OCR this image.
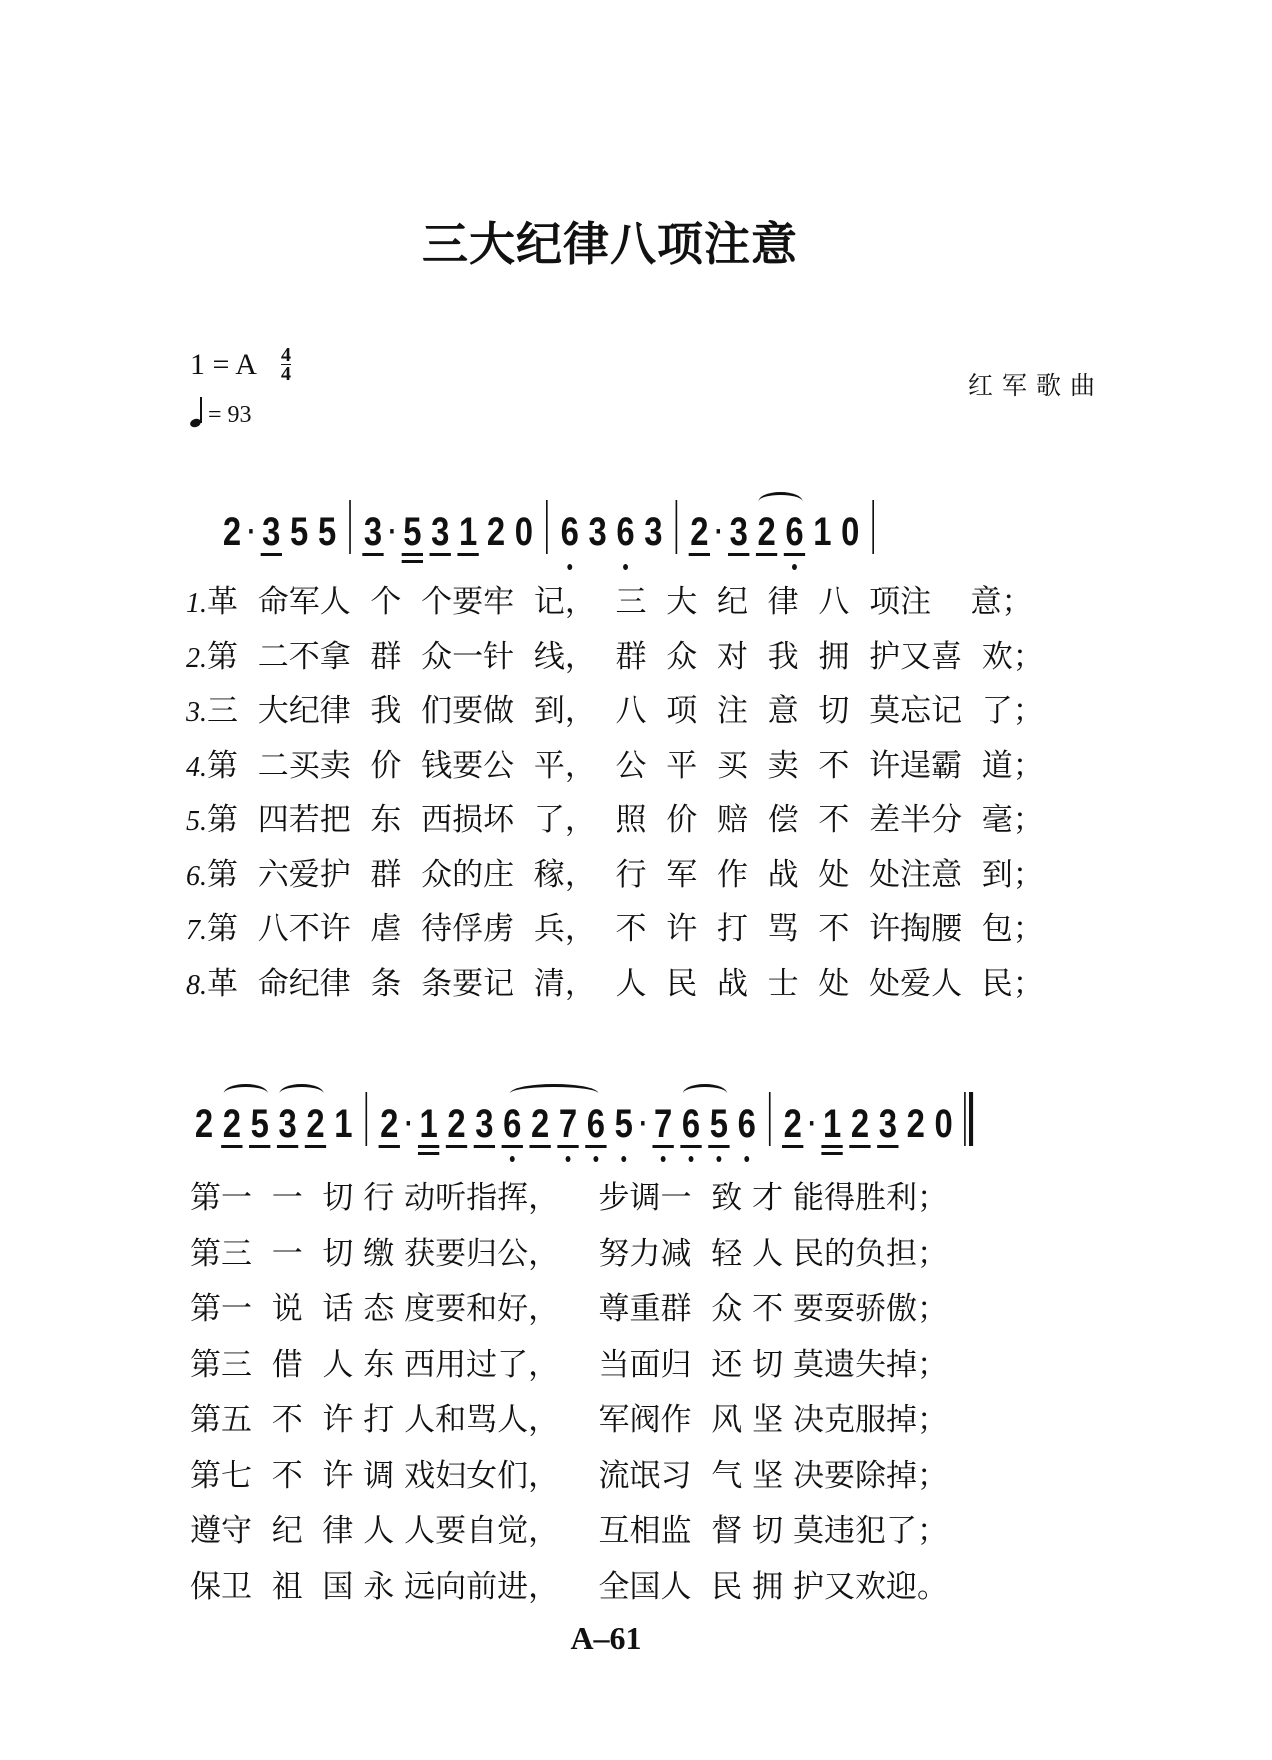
三大纪律八项注意
1 = A $\frac{4}{4}$
= 93
红军歌曲
2 · 3 5 5 3 · 5 3 1 2 0 6 3 6 3 2 · 3 2 6 1 0
1.革  命军人  个  个要牢  记，  三  大  纪  律  八  项注    意；
2.第  二不拿  群  众一针  线，  群  众  对  我  拥  护又喜  欢；
3.三  大纪律  我  们要做  到，  八  项  注  意  切  莫忘记  了；
4.第  二买卖  价  钱要公  平，  公  平  买  卖  不  许逞霸  道；
5.第  四若把  东  西损坏  了，  照  价  赔  偿  不  差半分  毫；
6.第  六爱护  群  众的庄  稼，  行  军  作  战  处  处注意  到；
7.第  八不许  虐  待俘虏  兵，  不  许  打  骂  不  许掏腰  包；
8.革  命纪律  条  条要记  清，  人  民  战  士  处  处爱人  民；
2 2 5 3 2 1 2 · 1 2 3 6 2 7 6 5 · 7 6 5 6 2 · 1 2 3 2 0
第一  一  切 行 动听指挥，    步调一  致 才 能得胜利；
第三  一  切 缴 获要归公，    努力减  轻 人 民的负担；
第一  说  话 态 度要和好，    尊重群  众 不 要耍骄傲；
第三  借  人 东 西用过了，    当面归  还 切 莫遗失掉；
第五  不  许 打 人和骂人，    军阀作  风 坚 决克服掉；
第七  不  许 调 戏妇女们，    流氓习  气 坚 决要除掉；
遵守  纪  律 人 人要自觉，    互相监  督 切 莫违犯了；
保卫  祖  国 永 远向前进，    全国人  民 拥 护又欢迎。
A–61
